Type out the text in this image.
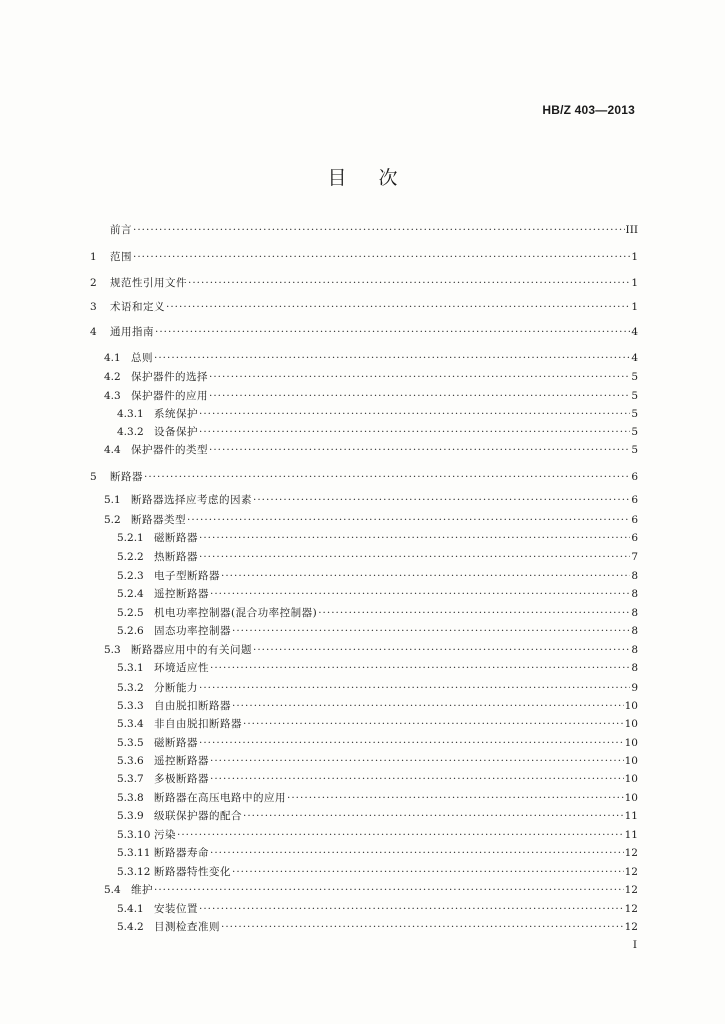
HB/Z 403—2013
目次
前言 ·····	III
1	范围 ·····	1
2	规范性引用文件 ·····	1
3	术语和定义 ·····	1
4	通用指南 ·····	4
4.1 总则 ·····	4
4.2 保护器件的选择 ·····	5
4.3 保护器件的应用 ·····	5
4.3.1 系统保护 ·····	5
4.3.2 设备保护 ·····	5
4.4 保护器件的类型 ·····	5
5	断路器 ·····	6
5.1 断路器选择应考虑的因素 ·····	6
5.2 断路器类型 ·····	6
5.2.1 磁断路器 ·····	6
5.2.2 热断路器 ·····	7
5.2.3 电子型断路器 ·····	8
5.2.4 遥控断路器 ·····	8
5.2.5 机电功率控制器(混合功率控制器) ·····	8
5.2.6 固态功率控制器 ·····	8
5.3 断路器应用中的有关问题 ·····	8
5.3.1 环境适应性 ·····	8
5.3.2 分断能力 ·····	9
5.3.3 自由脱扣断路器 ·····	10
5.3.4 非自由脱扣断路器 ·····	10
5.3.5 磁断路器 ·····	10
5.3.6 遥控断路器 ·····	10
5.3.7 多极断路器 ·····	10
5.3.8 断路器在高压电路中的应用 ·····	10
5.3.9 级联保护器的配合 ·····	11
5.3.10 污染 ·····	11
5.3.11 断路器寿命 ·····	12
5.3.12 断路器特性变化 ·····	12
5.4 维护 ·····	12
5.4.1 安装位置 ·····	12
5.4.2 目测检查准则 ·····	12
I
